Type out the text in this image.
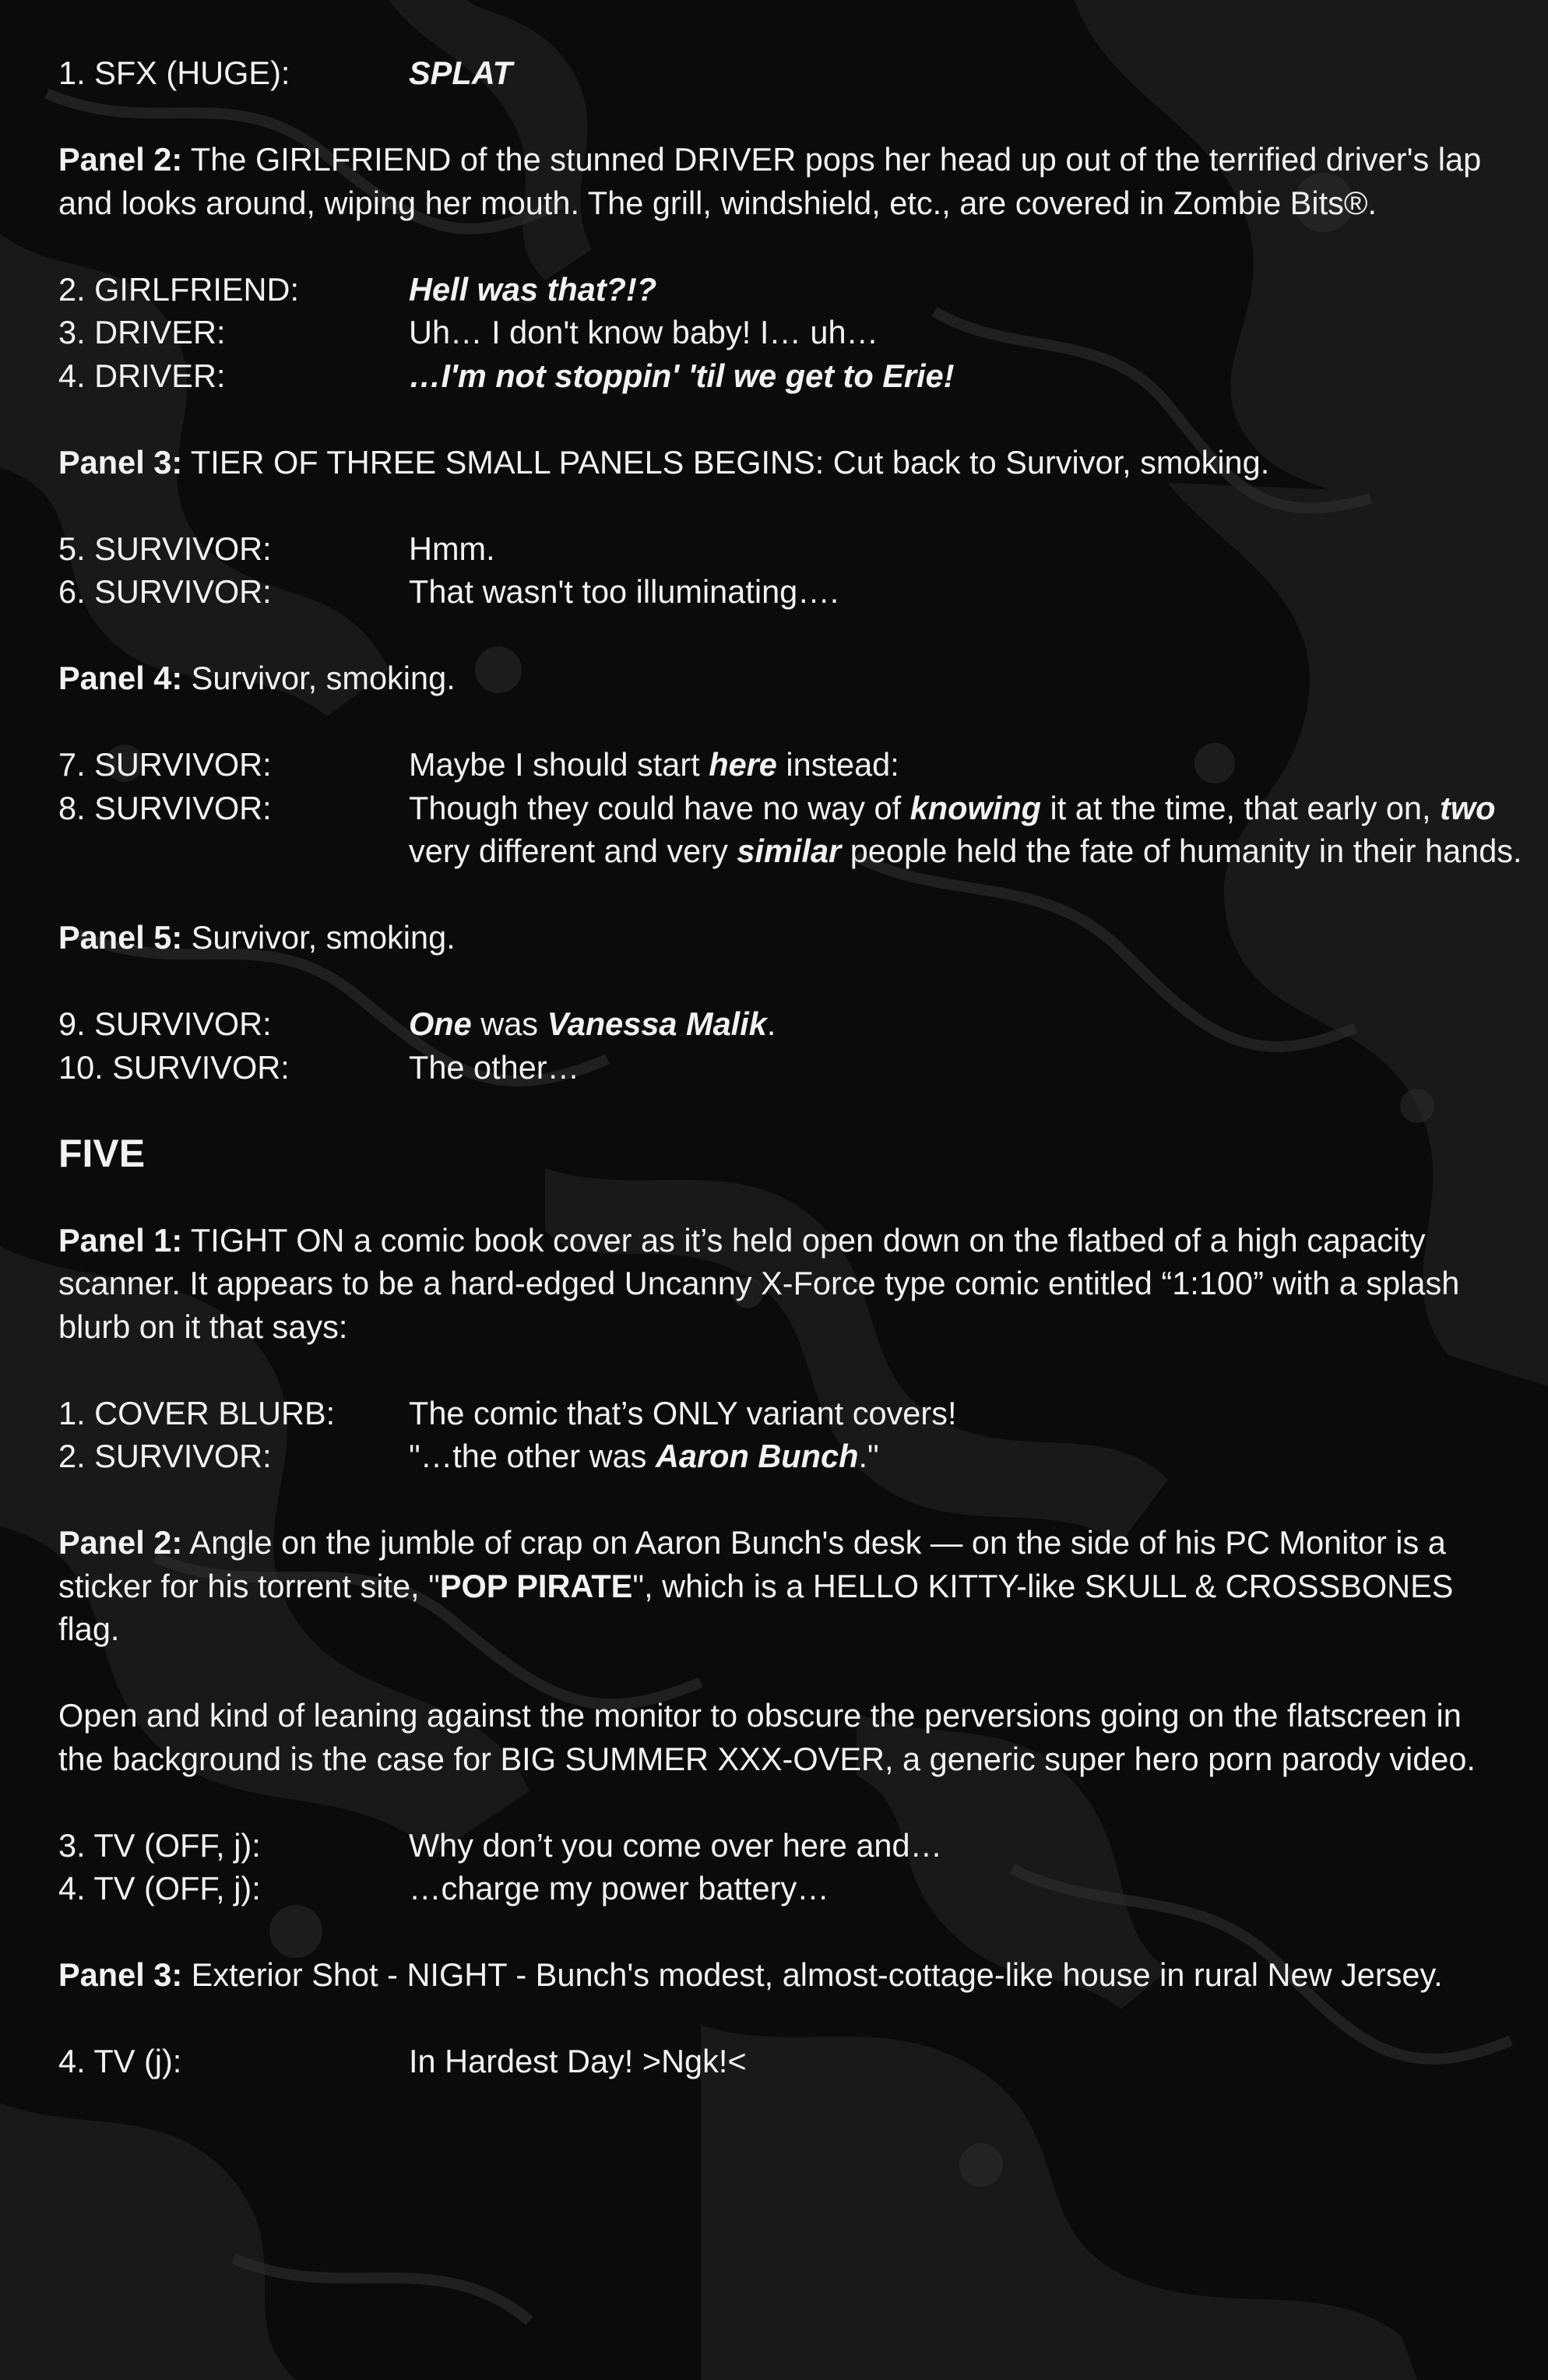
1. SFX (HUGE):	SPLAT
Panel 2: The GIRLFRIEND of the stunned DRIVER pops her head up out of the terrified driver's lap and looks around, wiping her mouth. The grill, windshield, etc., are covered in Zombie Bits®.
2. GIRLFRIEND:	Hell was that?!?
3. DRIVER:	Uh… I don't know baby! I… uh…
4. DRIVER:	…I'm not stoppin' 'til we get to Erie!
Panel 3: TIER OF THREE SMALL PANELS BEGINS: Cut back to Survivor, smoking.
5. SURVIVOR:	Hmm.
6. SURVIVOR:	That wasn't too illuminating….
Panel 4: Survivor, smoking.
7. SURVIVOR:	Maybe I should start here instead:
8. SURVIVOR:	Though they could have no way of knowing it at the time, that early on, two very different and very similar people held the fate of humanity in their hands.
Panel 5: Survivor, smoking.
9. SURVIVOR:	One was Vanessa Malik.
10. SURVIVOR:	The other…
FIVE
Panel 1: TIGHT ON a comic book cover as it’s held open down on the flatbed of a high capacity scanner. It appears to be a hard-edged Uncanny X-Force type comic entitled “1:100” with a splash blurb on it that says:
1. COVER BLURB:	The comic that’s ONLY variant covers!
2. SURVIVOR:	"…the other was Aaron Bunch."
Panel 2: Angle on the jumble of crap on Aaron Bunch's desk — on the side of his PC Monitor is a sticker for his torrent site, "POP PIRATE", which is a HELLO KITTY-like SKULL & CROSSBONES flag.
Open and kind of leaning against the monitor to obscure the perversions going on the flatscreen in the background is the case for BIG SUMMER XXX-OVER, a generic super hero porn parody video.
3. TV (OFF, j):	Why don’t you come over here and…
4. TV (OFF, j):	…charge my power battery…
Panel 3: Exterior Shot - NIGHT - Bunch's modest, almost-cottage-like house in rural New Jersey.
4. TV (j):	In Hardest Day! >Ngk!<
